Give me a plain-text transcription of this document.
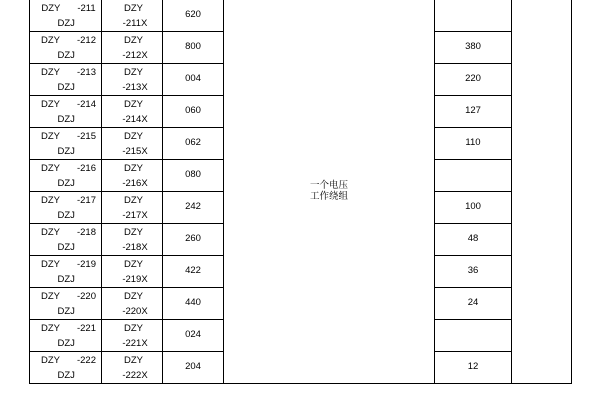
DZY -211
DZJ	DZY
-211X	620	一个电压
工作绕组		

DZY -212
DZJ	DZY
-212X	800		380	

DZY -213
DZJ	DZY
-213X	004		220	

DZY -214
DZJ	DZY
-214X	060		127	

DZY -215
DZJ	DZY
-215X	062		110	

DZY -216
DZJ	DZY
-216X	080			

DZY -217
DZJ	DZY
-217X	242		100	

DZY -218
DZJ	DZY
-218X	260		48	

DZY -219
DZJ	DZY
-219X	422		36	

DZY -220
DZJ	DZY
-220X	440		24	

DZY -221
DZJ	DZY
-221X	024			

DZY -222
DZJ	DZY
-222X	204		12	
